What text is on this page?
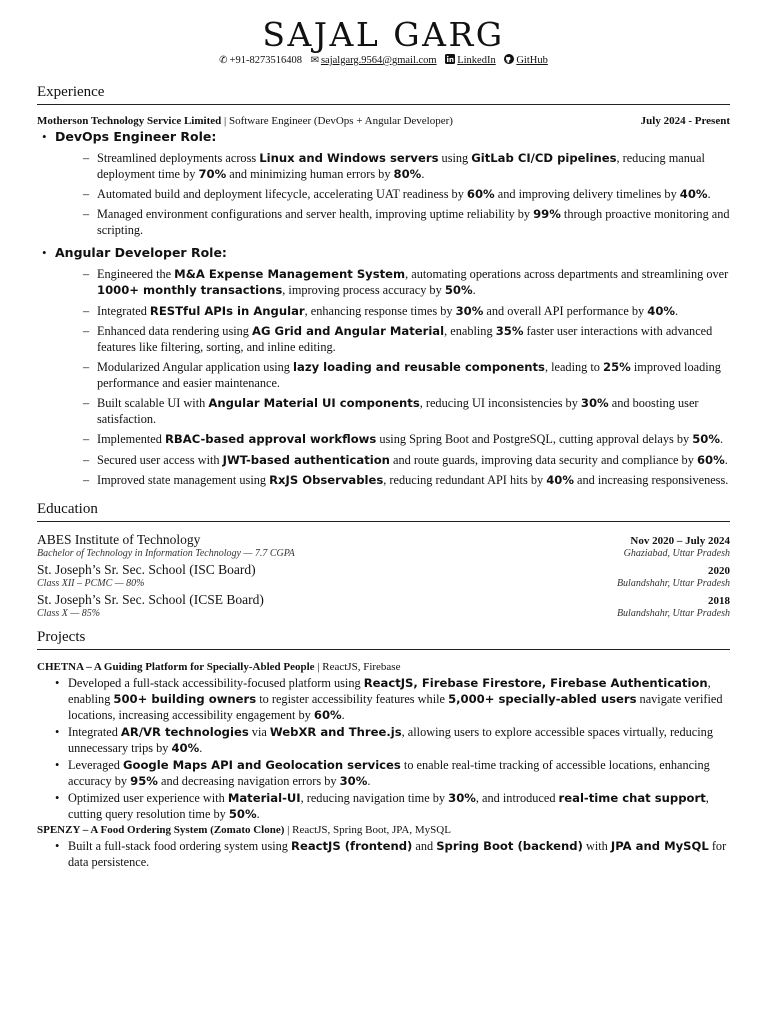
SAJAL GARG
✆ +91-8273516408 ✉ sajalgarg.9564@gmail.com LinkedIn GitHub
Experience
Motherson Technology Service Limited | Software Engineer (DevOps + Angular Developer)	July 2024 - Present
• DevOps Engineer Role:
– Streamlined deployments across Linux and Windows servers using GitLab CI/CD pipelines, reducing manual deployment time by 70% and minimizing human errors by 80%.
– Automated build and deployment lifecycle, accelerating UAT readiness by 60% and improving delivery timelines by 40%.
– Managed environment configurations and server health, improving uptime reliability by 99% through proactive monitoring and scripting.
• Angular Developer Role:
– Engineered the M&A Expense Management System, automating operations across departments and streamlining over 1000+ monthly transactions, improving process accuracy by 50%.
– Integrated RESTful APIs in Angular, enhancing response times by 30% and overall API performance by 40%.
– Enhanced data rendering using AG Grid and Angular Material, enabling 35% faster user interactions with advanced features like filtering, sorting, and inline editing.
– Modularized Angular application using lazy loading and reusable components, leading to 25% improved loading performance and easier maintenance.
– Built scalable UI with Angular Material UI components, reducing UI inconsistencies by 30% and boosting user satisfaction.
– Implemented RBAC-based approval workflows using Spring Boot and PostgreSQL, cutting approval delays by 50%.
– Secured user access with JWT-based authentication and route guards, improving data security and compliance by 60%.
– Improved state management using RxJS Observables, reducing redundant API hits by 40% and increasing responsiveness.
Education
ABES Institute of Technology	Nov 2020 – July 2024
Bachelor of Technology in Information Technology — 7.7 CGPA	Ghaziabad, Uttar Pradesh
St. Joseph’s Sr. Sec. School (ISC Board)	2020
Class XII – PCMC — 80%	Bulandshahr, Uttar Pradesh
St. Joseph’s Sr. Sec. School (ICSE Board)	2018
Class X — 85%	Bulandshahr, Uttar Pradesh
Projects
CHETNA – A Guiding Platform for Specially-Abled People | ReactJS, Firebase
• Developed a full-stack accessibility-focused platform using ReactJS, Firebase Firestore, Firebase Authentication, enabling 500+ building owners to register accessibility features while 5,000+ specially-abled users navigate verified locations, increasing accessibility engagement by 60%.
• Integrated AR/VR technologies via WebXR and Three.js, allowing users to explore accessible spaces virtually, reducing unnecessary trips by 40%.
• Leveraged Google Maps API and Geolocation services to enable real-time tracking of accessible locations, enhancing accuracy by 95% and decreasing navigation errors by 30%.
• Optimized user experience with Material-UI, reducing navigation time by 30%, and introduced real-time chat support, cutting query resolution time by 50%.
SPENZY – A Food Ordering System (Zomato Clone) | ReactJS, Spring Boot, JPA, MySQL
• Built a full-stack food ordering system using ReactJS (frontend) and Spring Boot (backend) with JPA and MySQL for data persistence.
